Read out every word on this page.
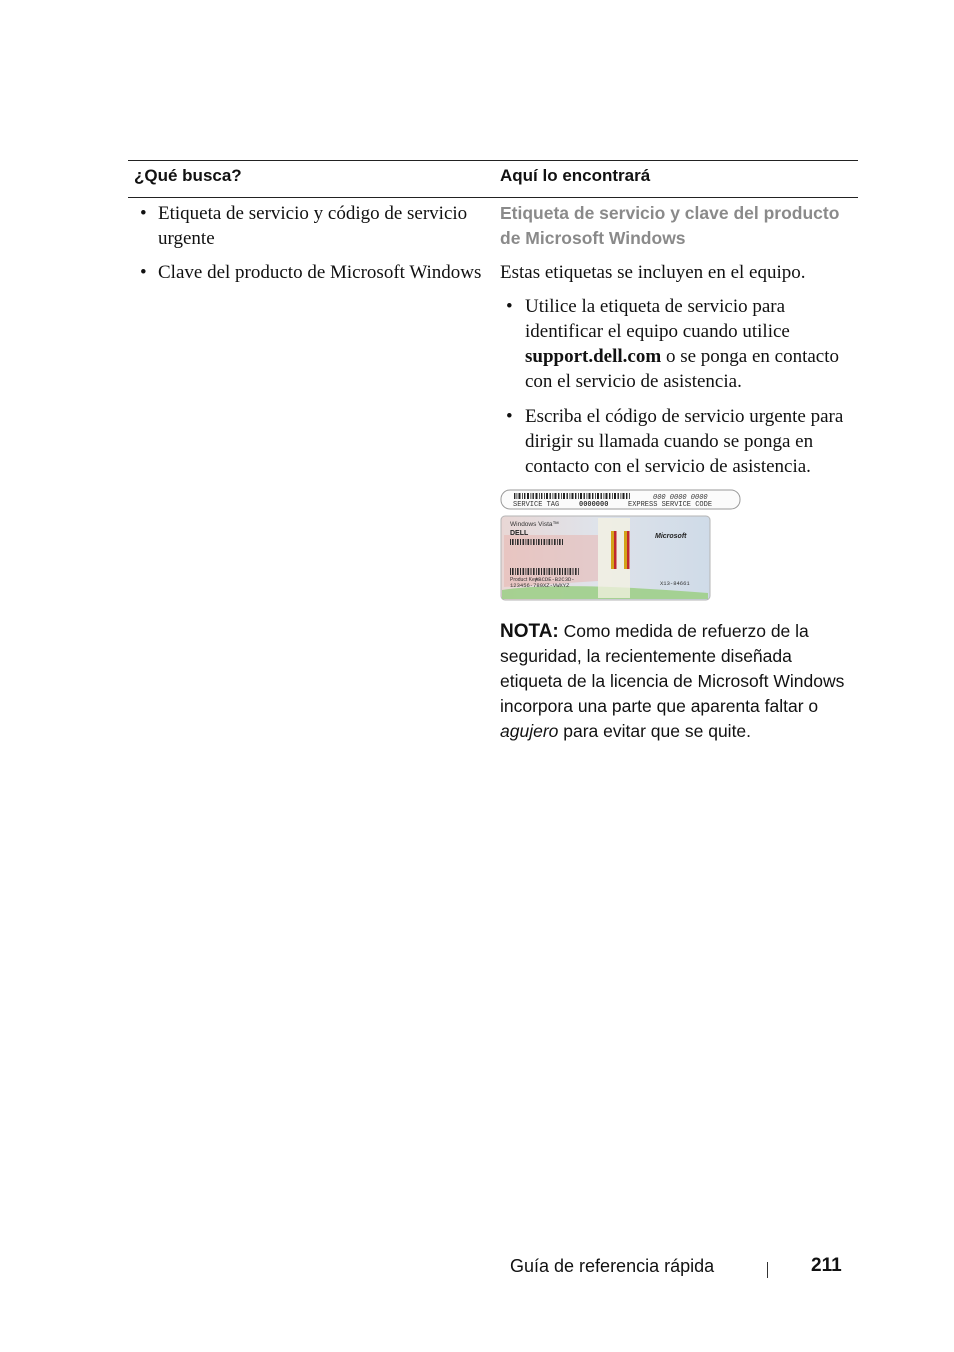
¿Qué busca?	Aquí lo encontrará
• Etiqueta de servicio y código de servicio urgente
• Clave del producto de Microsoft Windows
Etiqueta de servicio y clave del producto de Microsoft Windows
Estas etiquetas se incluyen en el equipo.
• Utilice la etiqueta de servicio para identificar el equipo cuando utilice support.dell.com o se ponga en contacto con el servicio de asistencia.
• Escriba el código de servicio urgente para dirigir su llamada cuando se ponga en contacto con el servicio de asistencia.
SERVICE TAG	0000000
000 0000 0000
EXPRESS SERVICE CODE
Windows Vista™
DELL
Product Key:
ABCDE-B2C3D-
123456-789XZ-VWXYZ
Microsoft
X13-84661
NOTA: Como medida de refuerzo de la seguridad, la recientemente diseñada etiqueta de la licencia de Microsoft Windows incorpora una parte que aparenta faltar o agujero para evitar que se quite.
Guía de referencia rápida	211
